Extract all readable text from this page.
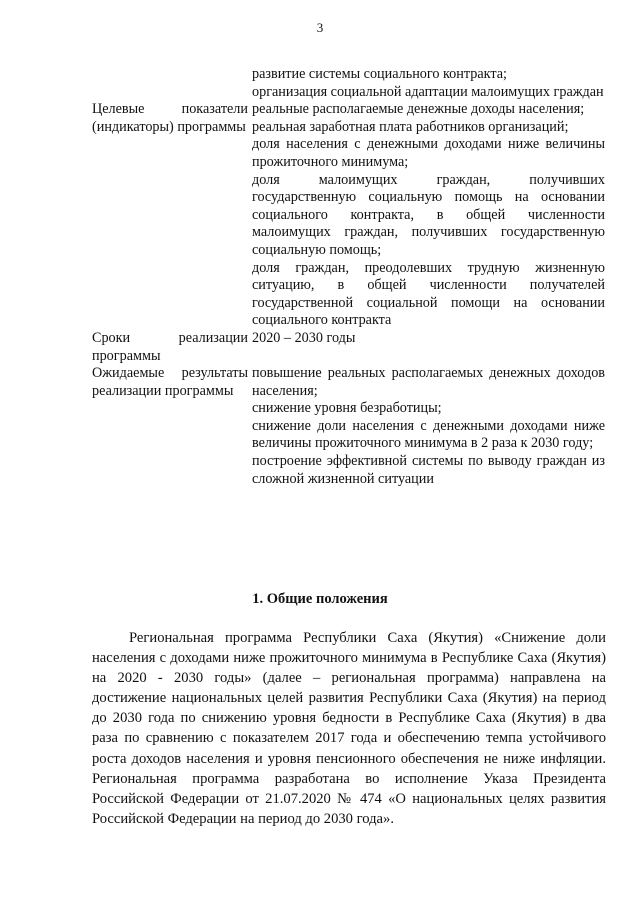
3

	развитие системы социального контракта;
организация социальной адаптации малоимущих граждан

Целевые показатели (индикаторы) программы	реальные располагаемые денежные доходы населения;
реальная заработная плата работников организаций;
доля населения с денежными доходами ниже величины прожиточного минимума;
доля малоимущих граждан, получивших государственную социальную помощь на основании социального контракта, в общей численности малоимущих граждан, получивших государственную социальную помощь;
доля граждан, преодолевших трудную жизненную ситуацию, в общей численности получателей государственной социальной помощи на основании социального контракта

Сроки реализации программы	2020 – 2030 годы

Ожидаемые результаты реализации программы	повышение реальных располагаемых денежных доходов населения;
снижение уровня безработицы;
снижение доли населения с денежными доходами ниже величины прожиточного минимума в 2 раза к 2030 году;
построение эффективной системы по выводу граждан из сложной жизненной ситуации
1. Общие положения

Региональная программа Республики Саха (Якутия) «Снижение доли населения с доходами ниже прожиточного минимума в Республике Саха (Якутия) на 2020 - 2030 годы» (далее – региональная программа) направлена на достижение национальных целей развития Республики Саха (Якутия) на период до 2030 года по снижению уровня бедности в Республике Саха (Якутия) в два раза по сравнению с показателем 2017 года и обеспечению темпа устойчивого роста доходов населения и уровня пенсионного обеспечения не ниже инфляции. Региональная программа разработана во исполнение Указа Президента Российской Федерации от 21.07.2020 № 474 «О национальных целях развития Российской Федерации на период до 2030 года».
